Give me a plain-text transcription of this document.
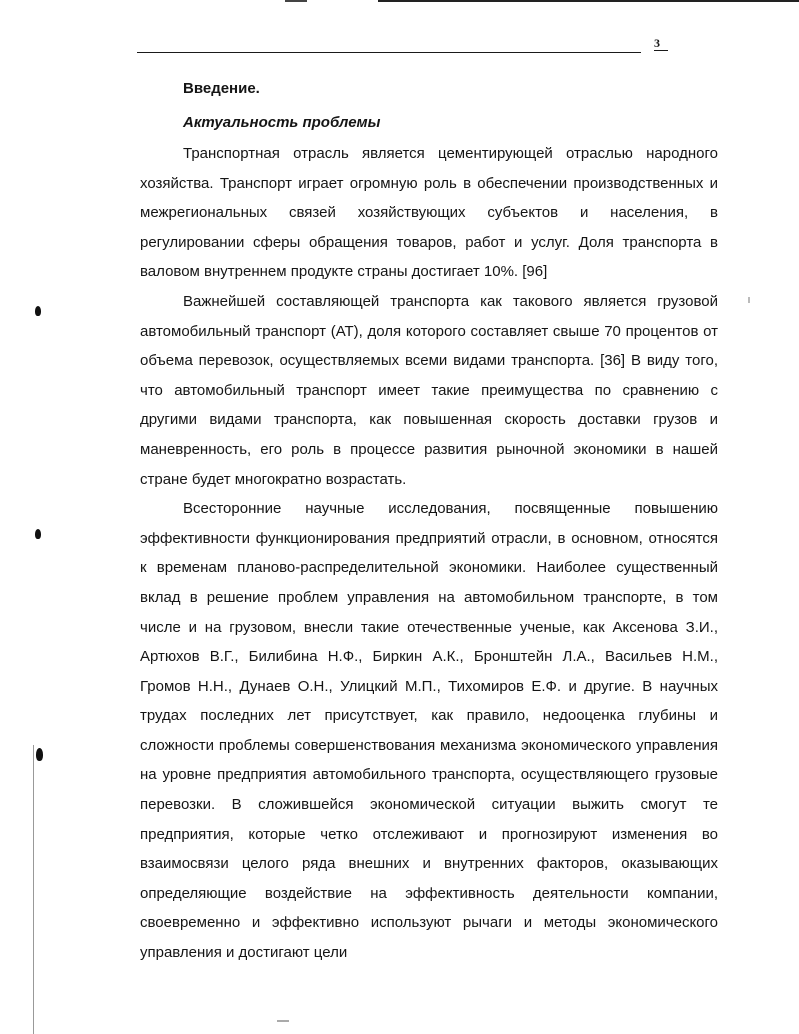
3
Введение.
Актуальность проблемы

Транспортная отрасль является цементирующей отраслью народного хозяйства. Транспорт играет огромную роль в обеспечении производственных и межрегиональных связей хозяйствующих субъектов и населения, в регулировании сферы обращения товаров, работ и услуг. Доля транспорта в валовом внутреннем продукте страны достигает 10%. [96]

Важнейшей составляющей транспорта как такового является грузовой автомобильный транспорт (АТ), доля которого составляет свыше 70 процентов от объема перевозок, осуществляемых всеми видами транспорта. [36] В виду того, что автомобильный транспорт имеет такие преимущества по сравнению с другими видами транспорта, как повышенная скорость доставки грузов и маневренность, его роль в процессе развития рыночной экономики в нашей стране будет многократно возрастать.

Всесторонние научные исследования, посвященные повышению эффективности функционирования предприятий отрасли, в основном, относятся к временам планово-распределительной экономики. Наиболее существенный вклад в решение проблем управления на автомобильном транспорте, в том числе и на грузовом, внесли такие отечественные ученые, как Аксенова З.И., Артюхов В.Г., Билибина Н.Ф., Биркин А.К., Бронштейн Л.А., Васильев Н.М., Громов Н.Н., Дунаев О.Н., Улицкий М.П., Тихомиров Е.Ф. и другие. В научных трудах последних лет присутствует, как правило, недооценка глубины и сложности проблемы совершенствования механизма экономического управления на уровне предприятия автомобильного транспорта, осуществляющего грузовые перевозки. В сложившейся экономической ситуации выжить смогут те предприятия, которые четко отслеживают и прогнозируют изменения во взаимосвязи целого ряда внешних и внутренних факторов, оказывающих определяющие воздействие на эффективность деятельности компании, своевременно и эффективно используют рычаги и методы экономического управления и достигают цели
